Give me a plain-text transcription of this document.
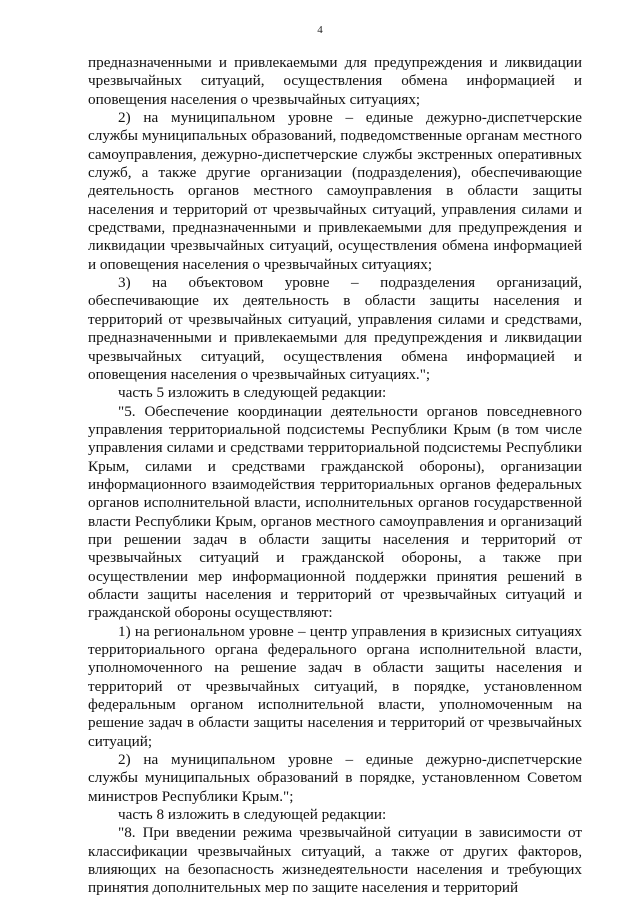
4

предназначенными и привлекаемыми для предупреждения и ликвидации чрезвычайных ситуаций, осуществления обмена информацией и оповещения населения о чрезвычайных ситуациях;

2) на муниципальном уровне – единые дежурно-диспетчерские службы муниципальных образований, подведомственные органам местного самоуправления, дежурно-диспетчерские службы экстренных оперативных служб, а также другие организации (подразделения), обеспечивающие деятельность органов местного самоуправления в области защиты населения и территорий от чрезвычайных ситуаций, управления силами и средствами, предназначенными и привлекаемыми для предупреждения и ликвидации чрезвычайных ситуаций, осуществления обмена информацией и оповещения населения о чрезвычайных ситуациях;

3) на объектовом уровне – подразделения организаций, обеспечивающие их деятельность в области защиты населения и территорий от чрезвычайных ситуаций, управления силами и средствами, предназначенными и привлекаемыми для предупреждения и ликвидации чрезвычайных ситуаций, осуществления обмена информацией и оповещения населения о чрезвычайных ситуациях.";

часть 5 изложить в следующей редакции:

"5. Обеспечение координации деятельности органов повседневного управления территориальной подсистемы Республики Крым (в том числе управления силами и средствами территориальной подсистемы Республики Крым, силами и средствами гражданской обороны), организации информационного взаимодействия территориальных органов федеральных органов исполнительной власти, исполнительных органов государственной власти Республики Крым, органов местного самоуправления и организаций при решении задач в области защиты населения и территорий от чрезвычайных ситуаций и гражданской обороны, а также при осуществлении мер информационной поддержки принятия решений в области защиты населения и территорий от чрезвычайных ситуаций и гражданской обороны осуществляют:

1) на региональном уровне – центр управления в кризисных ситуациях территориального органа федерального органа исполнительной власти, уполномоченного на решение задач в области защиты населения и территорий от чрезвычайных ситуаций, в порядке, установленном федеральным органом исполнительной власти, уполномоченным на решение задач в области защиты населения и территорий от чрезвычайных ситуаций;

2) на муниципальном уровне – единые дежурно-диспетчерские службы муниципальных образований в порядке, установленном Советом министров Республики Крым.";

часть 8 изложить в следующей редакции:

"8. При введении режима чрезвычайной ситуации в зависимости от классификации чрезвычайных ситуаций, а также от других факторов, влияющих на безопасность жизнедеятельности населения и требующих принятия дополнительных мер по защите населения и территорий
